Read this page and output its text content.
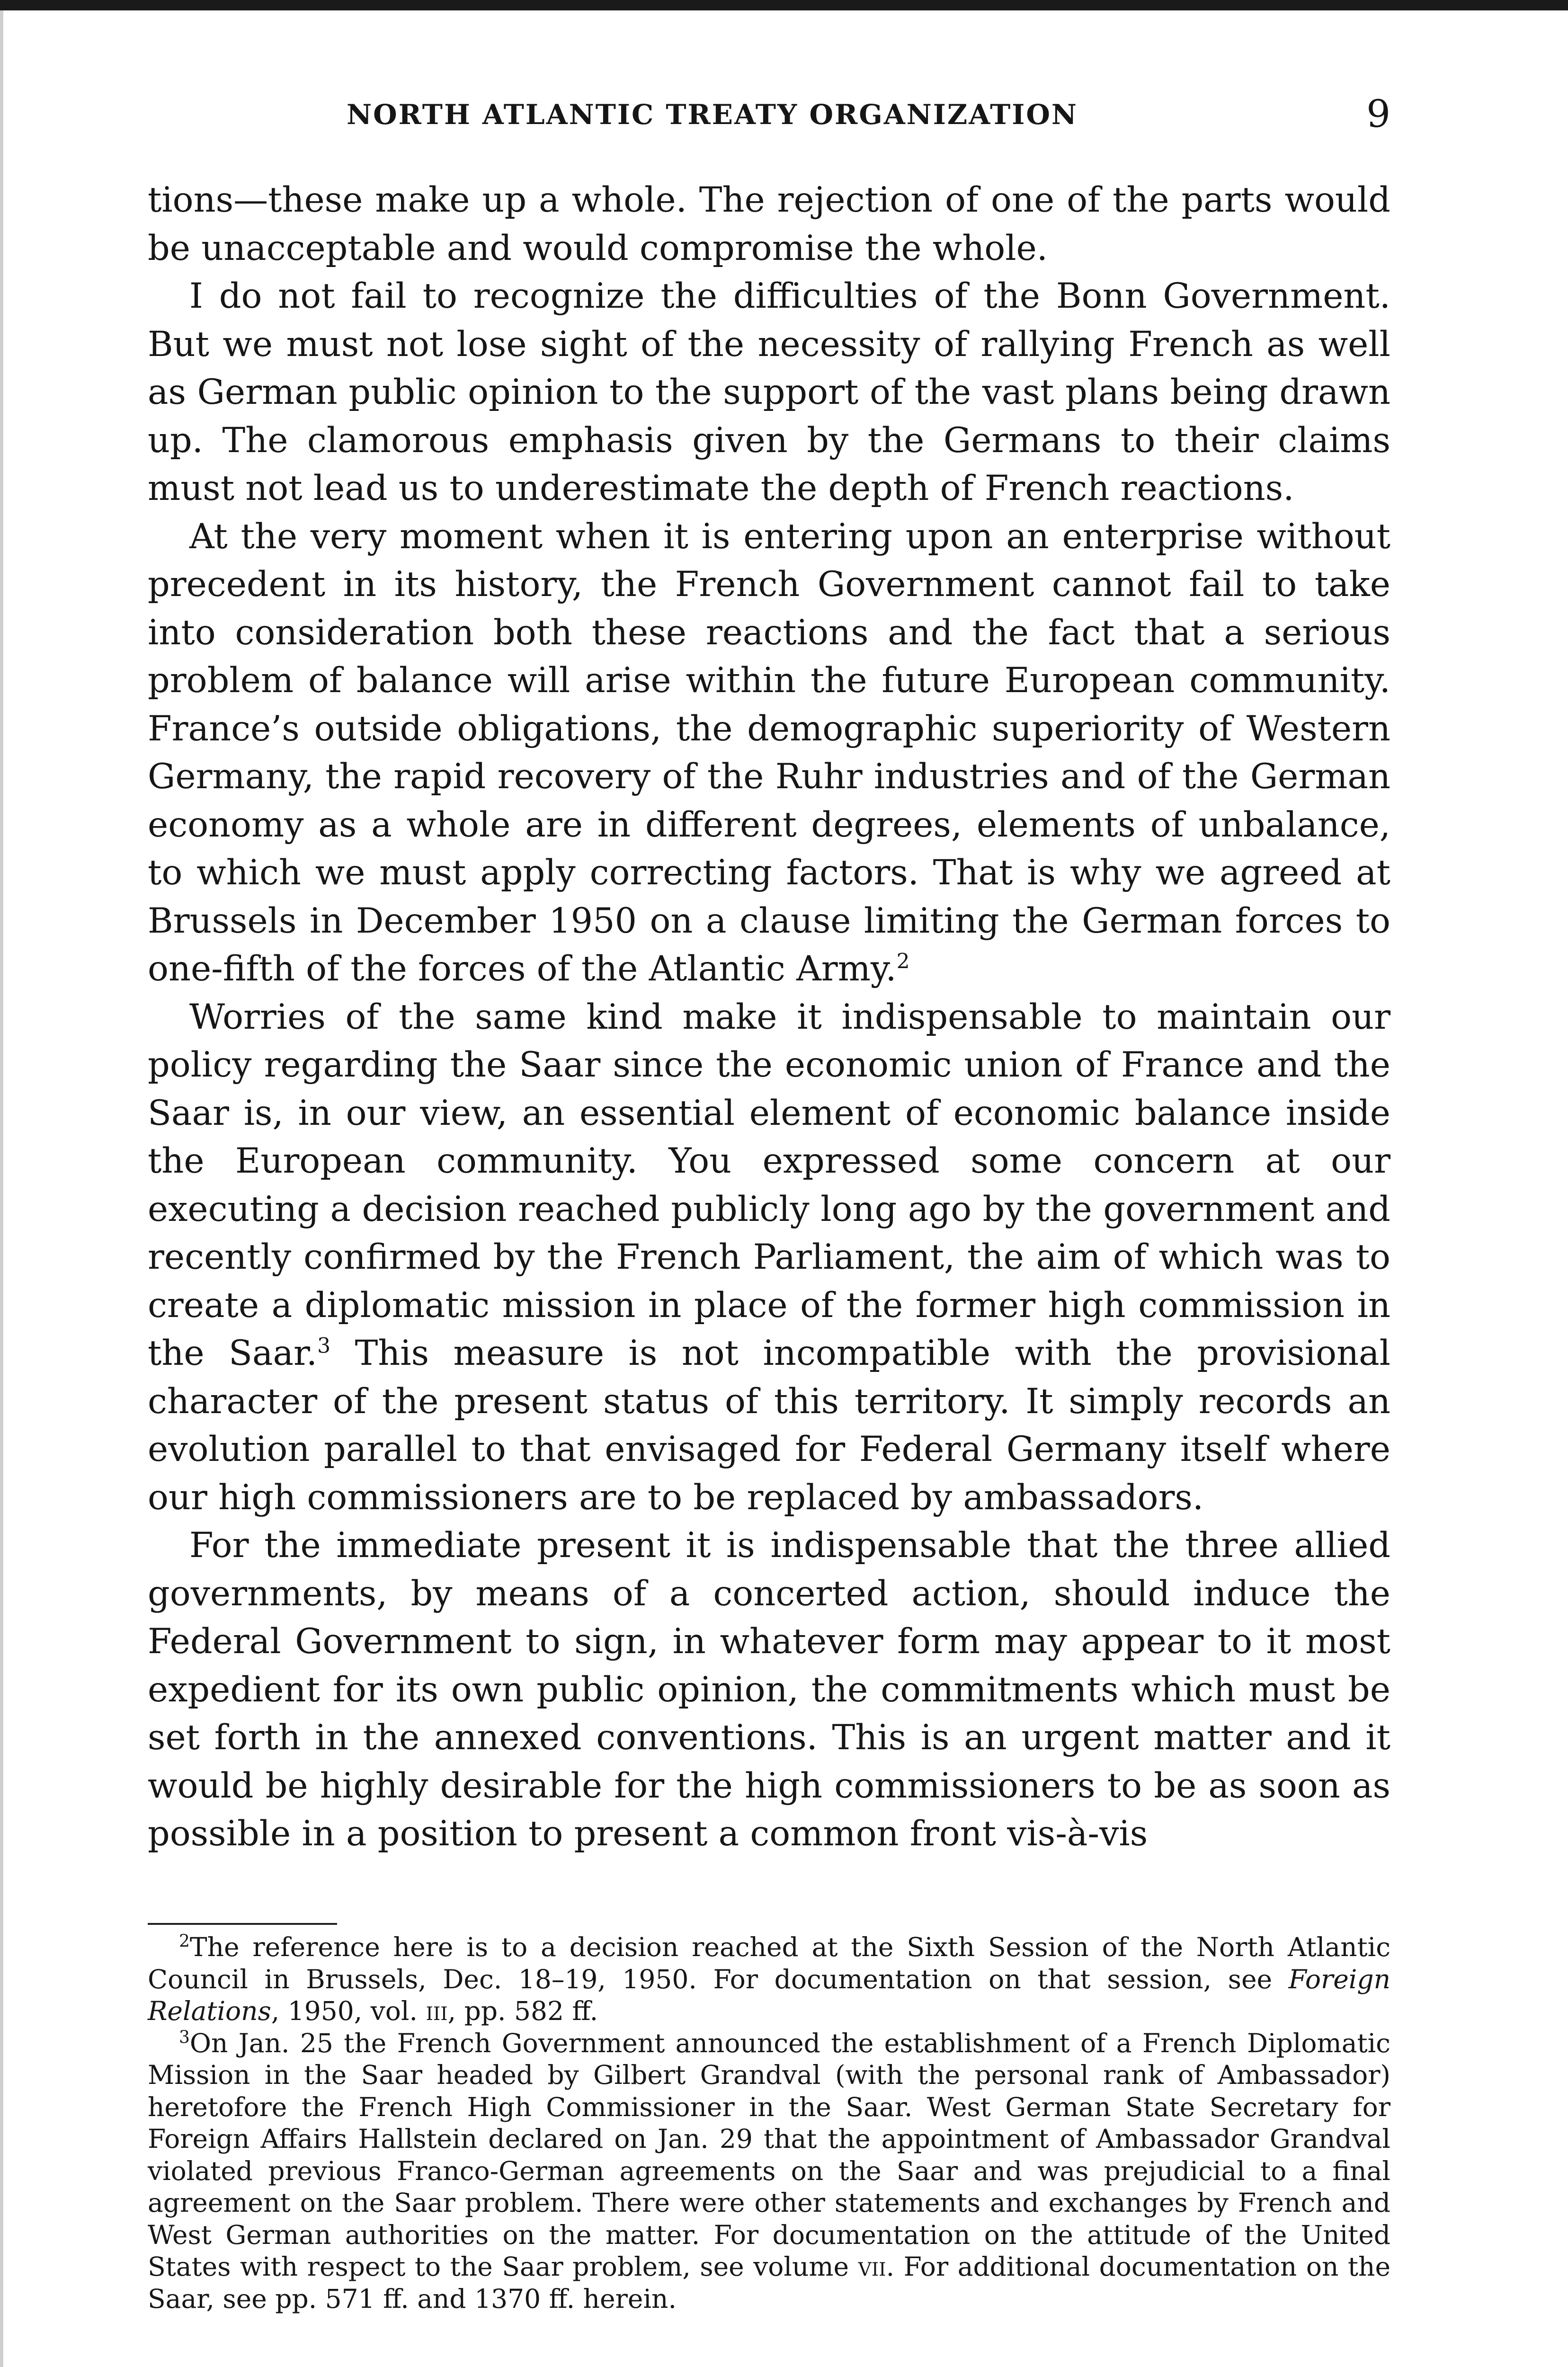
NORTH ATLANTIC TREATY ORGANIZATION	9

tions—these make up a whole. The rejection of one of the parts would be unacceptable and would compromise the whole.

I do not fail to recognize the difficulties of the Bonn Government. But we must not lose sight of the necessity of rallying French as well as German public opinion to the support of the vast plans being drawn up. The clamorous emphasis given by the Germans to their claims must not lead us to underestimate the depth of French reactions.

At the very moment when it is entering upon an enterprise without precedent in its history, the French Government cannot fail to take into consideration both these reactions and the fact that a serious problem of balance will arise within the future European community. France’s outside obligations, the demographic superiority of Western Germany, the rapid recovery of the Ruhr industries and of the German economy as a whole are in different degrees, elements of unbalance, to which we must apply correcting factors. That is why we agreed at Brussels in December 1950 on a clause limiting the German forces to one-fifth of the forces of the Atlantic Army.$^2$

Worries of the same kind make it indispensable to maintain our policy regarding the Saar since the economic union of France and the Saar is, in our view, an essential element of economic balance inside the European community. You expressed some concern at our executing a decision reached publicly long ago by the government and recently confirmed by the French Parliament, the aim of which was to create a diplomatic mission in place of the former high commission in the Saar.$^3$ This measure is not incompatible with the provisional character of the present status of this territory. It simply records an evolution parallel to that envisaged for Federal Germany itself where our high commissioners are to be replaced by ambassadors.

For the immediate present it is indispensable that the three allied governments, by means of a concerted action, should induce the Federal Government to sign, in whatever form may appear to it most expedient for its own public opinion, the commitments which must be set forth in the annexed conventions. This is an urgent matter and it would be highly desirable for the high commissioners to be as soon as possible in a position to present a common front vis-à-vis

$^2$The reference here is to a decision reached at the Sixth Session of the North Atlantic Council in Brussels, Dec. 18–19, 1950. For documentation on that session, see Foreign Relations, 1950, vol. iii, pp. 582 ff.

$^3$On Jan. 25 the French Government announced the establishment of a French Diplomatic Mission in the Saar headed by Gilbert Grandval (with the personal rank of Ambassador) heretofore the French High Commissioner in the Saar. West German State Secretary for Foreign Affairs Hallstein declared on Jan. 29 that the appointment of Ambassador Grandval violated previous Franco-German agreements on the Saar and was prejudicial to a final agreement on the Saar problem. There were other statements and exchanges by French and West German authorities on the matter. For documentation on the attitude of the United States with respect to the Saar problem, see volume vii. For additional documentation on the Saar, see pp. 571 ff. and 1370 ff. herein.
